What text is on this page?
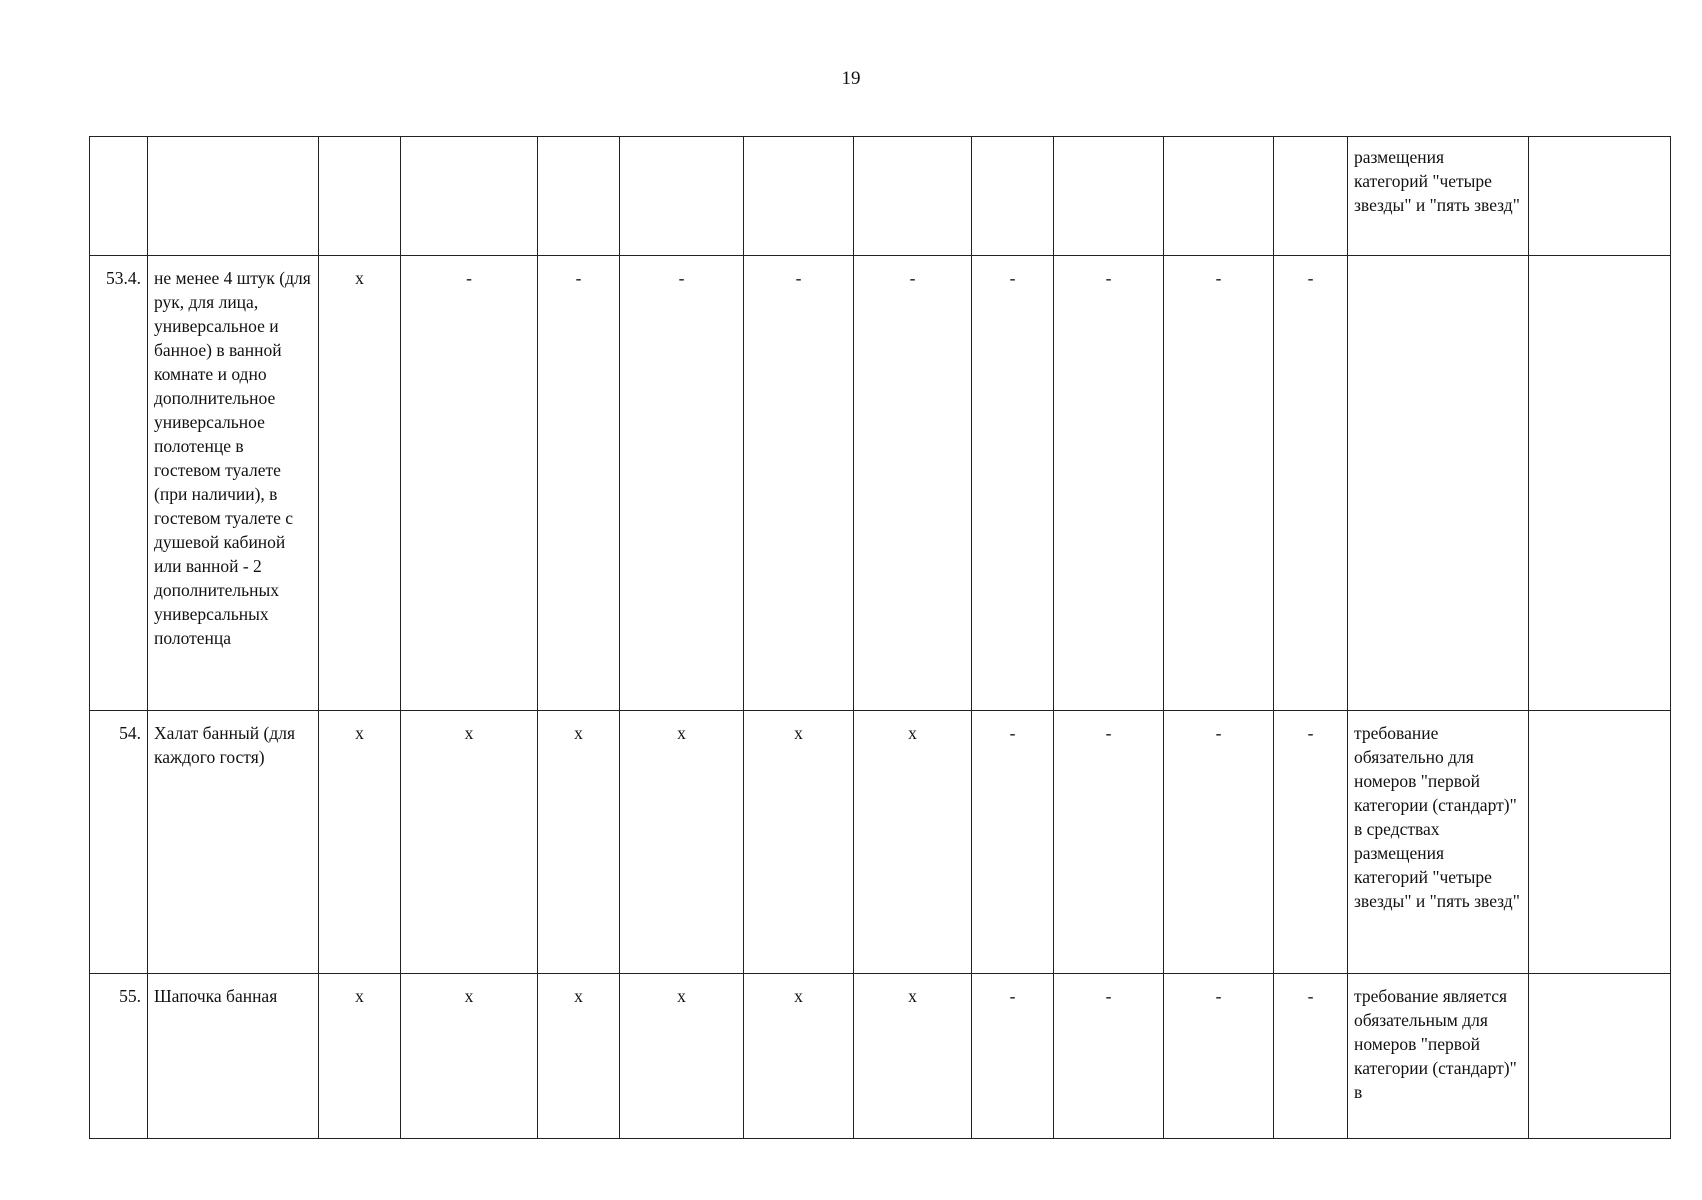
19
												размещения категорий "четыре звезды" и "пять звезд"	
53.4.	не менее 4 штук (для рук, для лица, универсальное и банное) в ванной комнате и одно дополнительное универсальное полотенце в гостевом туалете (при наличии), в гостевом туалете с душевой кабиной или ванной - 2 дополнительных универсальных полотенца	x	-	-	-	-	-	-	-	-	-		
54.	Халат банный (для каждого гостя)	x	x	x	x	x	x	-	-	-	-	требование обязательно для номеров "первой категории (стандарт)" в средствах размещения категорий "четыре звезды" и "пять звезд"	
55.	Шапочка банная	x	x	x	x	x	x	-	-	-	-	требование является обязательным для номеров "первой категории (стандарт)" в	
